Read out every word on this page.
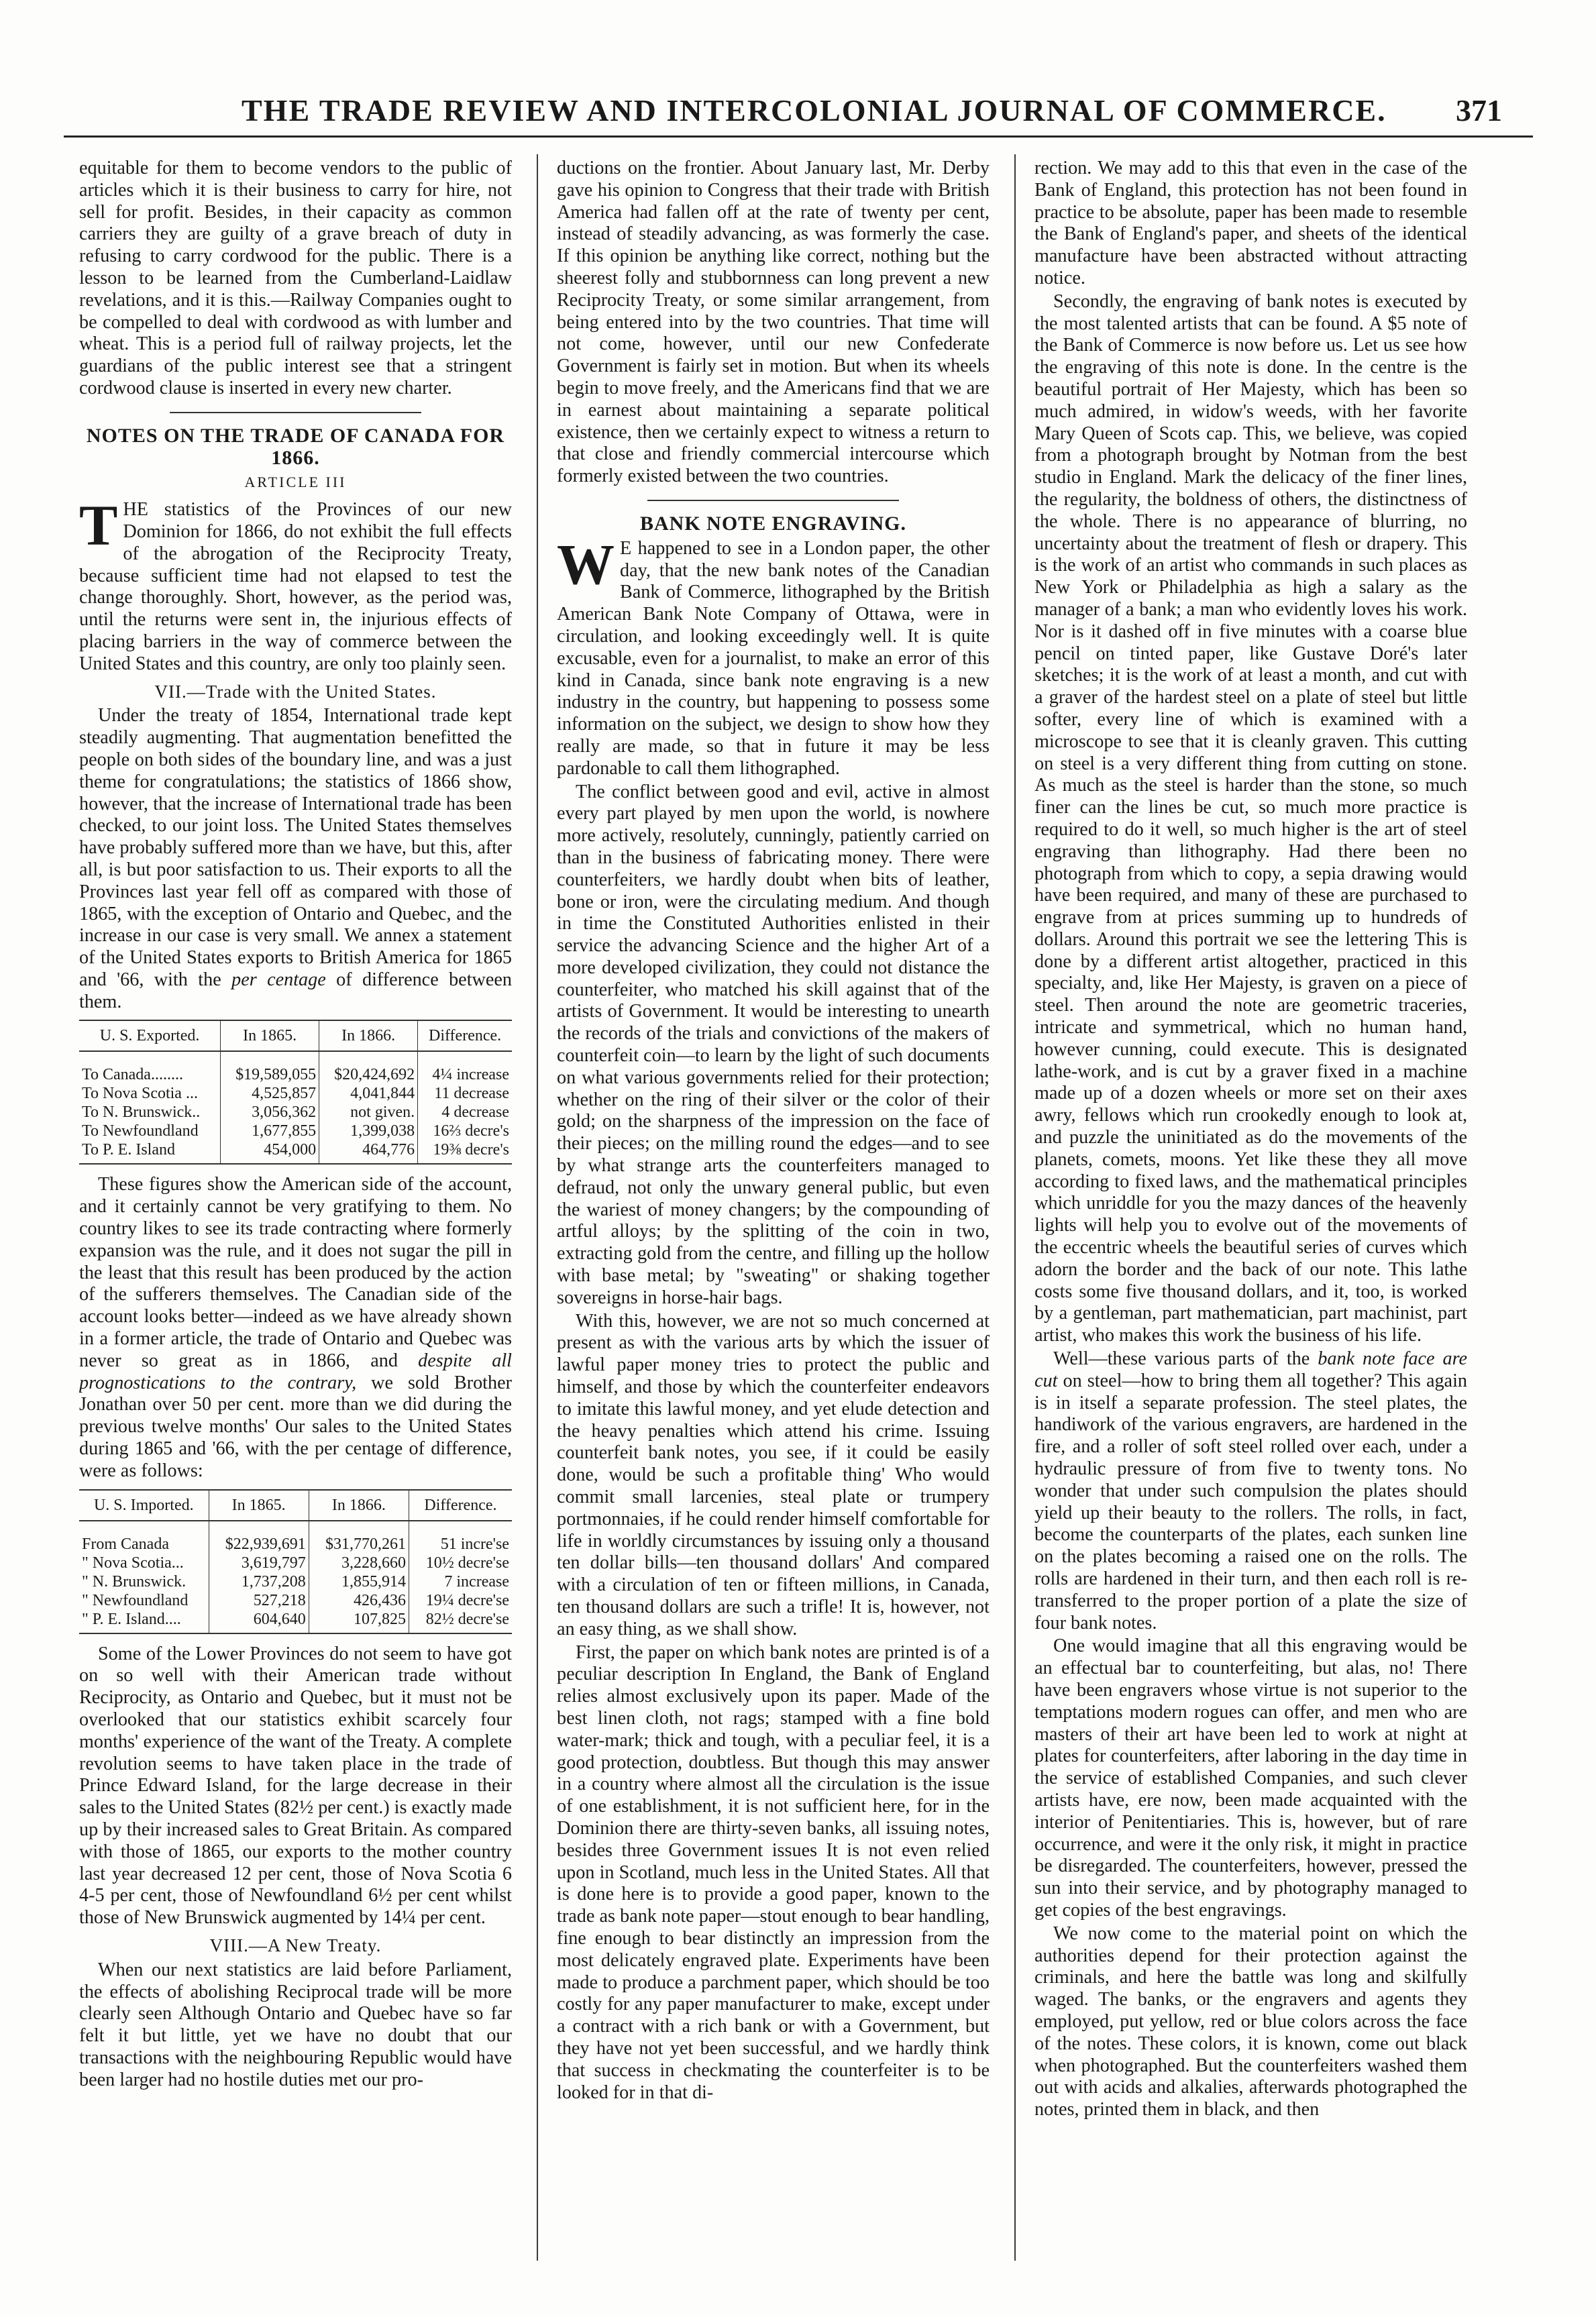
THE TRADE REVIEW AND INTERCOLONIAL JOURNAL OF COMMERCE. 371

equitable for them to become vendors to the public of articles which it is their business to carry for hire, not sell for profit. Besides, in their capacity as common carriers they are guilty of a grave breach of duty in refusing to carry cordwood for the public. There is a lesson to be learned from the Cumberland-Laidlaw revelations, and it is this.—Railway Companies ought to be compelled to deal with cordwood as with lumber and wheat. This is a period full of railway projects, let the guardians of the public interest see that a stringent cordwood clause is inserted in every new charter.

NOTES ON THE TRADE OF CANADA FOR 1866.
ARTICLE III

THE statistics of the Provinces of our new Dominion for 1866, do not exhibit the full effects of the abrogation of the Reciprocity Treaty, because sufficient time had not elapsed to test the change thoroughly. Short, however, as the period was, until the returns were sent in, the injurious effects of placing barriers in the way of commerce between the United States and this country, are only too plainly seen.

VII.—Trade with the United States.

Under the treaty of 1854, International trade kept steadily augmenting. That augmentation benefitted the people on both sides of the boundary line, and was a just theme for congratulations; the statistics of 1866 show, however, that the increase of International trade has been checked, to our joint loss. The United States themselves have probably suffered more than we have, but this, after all, is but poor satisfaction to us. Their exports to all the Provinces last year fell off as compared with those of 1865, with the exception of Ontario and Quebec, and the increase in our case is very small. We annex a statement of the United States exports to British America for 1865 and '66, with the per centage of difference between them.

U. S. Exported.	In 1865.	In 1866.	Difference.

To Canada........	$19,589,055	$20,424,692	4¼ increase
To Nova Scotia ...	4,525,857	4,041,844	11 decrease
To N. Brunswick..	3,056,362	not given.	4 decrease
To Newfoundland	1,677,855	1,399,038	16⅔ decre's
To P. E. Island	454,000	464,776	19⅜ decre's

These figures show the American side of the account, and it certainly cannot be very gratifying to them. No country likes to see its trade contracting where formerly expansion was the rule, and it does not sugar the pill in the least that this result has been produced by the action of the sufferers themselves. The Canadian side of the account looks better—indeed as we have already shown in a former article, the trade of Ontario and Quebec was never so great as in 1866, and despite all prognostications to the contrary, we sold Brother Jonathan over 50 per cent. more than we did during the previous twelve months' Our sales to the United States during 1865 and '66, with the per centage of difference, were as follows:

U. S. Imported.	In 1865.	In 1866.	Difference.

From Canada	$22,939,691	$31,770,261	51 incre'se
" Nova Scotia...	3,619,797	3,228,660	10½ decre'se
" N. Brunswick.	1,737,208	1,855,914	7 increase
" Newfoundland	527,218	426,436	19¼ decre'se
" P. E. Island....	604,640	107,825	82½ decre'se

Some of the Lower Provinces do not seem to have got on so well with their American trade without Reciprocity, as Ontario and Quebec, but it must not be overlooked that our statistics exhibit scarcely four months' experience of the want of the Treaty. A complete revolution seems to have taken place in the trade of Prince Edward Island, for the large decrease in their sales to the United States (82½ per cent.) is exactly made up by their increased sales to Great Britain. As compared with those of 1865, our exports to the mother country last year decreased 12 per cent, those of Nova Scotia 6 4-5 per cent, those of Newfoundland 6½ per cent whilst those of New Brunswick augmented by 14¼ per cent.

VIII.—A New Treaty.

When our next statistics are laid before Parliament, the effects of abolishing Reciprocal trade will be more clearly seen Although Ontario and Quebec have so far felt it but little, yet we have no doubt that our transactions with the neighbouring Republic would have been larger had no hostile duties met our pro-

ductions on the frontier. About January last, Mr. Derby gave his opinion to Congress that their trade with British America had fallen off at the rate of twenty per cent, instead of steadily advancing, as was formerly the case. If this opinion be anything like correct, nothing but the sheerest folly and stubbornness can long prevent a new Reciprocity Treaty, or some similar arrangement, from being entered into by the two countries. That time will not come, however, until our new Confederate Government is fairly set in motion. But when its wheels begin to move freely, and the Americans find that we are in earnest about maintaining a separate political existence, then we certainly expect to witness a return to that close and friendly commercial intercourse which formerly existed between the two countries.

BANK NOTE ENGRAVING.

W E happened to see in a London paper, the other day, that the new bank notes of the Canadian Bank of Commerce, lithographed by the British American Bank Note Company of Ottawa, were in circulation, and looking exceedingly well. It is quite excusable, even for a journalist, to make an error of this kind in Canada, since bank note engraving is a new industry in the country, but happening to possess some information on the subject, we design to show how they really are made, so that in future it may be less pardonable to call them lithographed.

The conflict between good and evil, active in almost every part played by men upon the world, is nowhere more actively, resolutely, cunningly, patiently carried on than in the business of fabricating money. There were counterfeiters, we hardly doubt when bits of leather, bone or iron, were the circulating medium. And though in time the Constituted Authorities enlisted in their service the advancing Science and the higher Art of a more developed civilization, they could not distance the counterfeiter, who matched his skill against that of the artists of Government. It would be interesting to unearth the records of the trials and convictions of the makers of counterfeit coin—to learn by the light of such documents on what various governments relied for their protection; whether on the ring of their silver or the color of their gold; on the sharpness of the impression on the face of their pieces; on the milling round the edges—and to see by what strange arts the counterfeiters managed to defraud, not only the unwary general public, but even the wariest of money changers; by the compounding of artful alloys; by the splitting of the coin in two, extracting gold from the centre, and filling up the hollow with base metal; by "sweating" or shaking together sovereigns in horse-hair bags.

With this, however, we are not so much concerned at present as with the various arts by which the issuer of lawful paper money tries to protect the public and himself, and those by which the counterfeiter endeavors to imitate this lawful money, and yet elude detection and the heavy penalties which attend his crime. Issuing counterfeit bank notes, you see, if it could be easily done, would be such a profitable thing' Who would commit small larcenies, steal plate or trumpery portmonnaies, if he could render himself comfortable for life in worldly circumstances by issuing only a thousand ten dollar bills—ten thousand dollars' And compared with a circulation of ten or fifteen millions, in Canada, ten thousand dollars are such a trifle! It is, however, not an easy thing, as we shall show.

First, the paper on which bank notes are printed is of a peculiar description In England, the Bank of England relies almost exclusively upon its paper. Made of the best linen cloth, not rags; stamped with a fine bold water-mark; thick and tough, with a peculiar feel, it is a good protection, doubtless. But though this may answer in a country where almost all the circulation is the issue of one establishment, it is not sufficient here, for in the Dominion there are thirty-seven banks, all issuing notes, besides three Government issues It is not even relied upon in Scotland, much less in the United States. All that is done here is to provide a good paper, known to the trade as bank note paper—stout enough to bear handling, fine enough to bear distinctly an impression from the most delicately engraved plate. Experiments have been made to produce a parchment paper, which should be too costly for any paper manufacturer to make, except under a contract with a rich bank or with a Government, but they have not yet been successful, and we hardly think that success in checkmating the counterfeiter is to be looked for in that di-

rection. We may add to this that even in the case of the Bank of England, this protection has not been found in practice to be absolute, paper has been made to resemble the Bank of England's paper, and sheets of the identical manufacture have been abstracted without attracting notice.

Secondly, the engraving of bank notes is executed by the most talented artists that can be found. A $5 note of the Bank of Commerce is now before us. Let us see how the engraving of this note is done. In the centre is the beautiful portrait of Her Majesty, which has been so much admired, in widow's weeds, with her favorite Mary Queen of Scots cap. This, we believe, was copied from a photograph brought by Notman from the best studio in England. Mark the delicacy of the finer lines, the regularity, the boldness of others, the distinctness of the whole. There is no appearance of blurring, no uncertainty about the treatment of flesh or drapery. This is the work of an artist who commands in such places as New York or Philadelphia as high a salary as the manager of a bank; a man who evidently loves his work. Nor is it dashed off in five minutes with a coarse blue pencil on tinted paper, like Gustave Doré's later sketches; it is the work of at least a month, and cut with a graver of the hardest steel on a plate of steel but little softer, every line of which is examined with a microscope to see that it is cleanly graven. This cutting on steel is a very different thing from cutting on stone. As much as the steel is harder than the stone, so much finer can the lines be cut, so much more practice is required to do it well, so much higher is the art of steel engraving than lithography. Had there been no photograph from which to copy, a sepia drawing would have been required, and many of these are purchased to engrave from at prices summing up to hundreds of dollars. Around this portrait we see the lettering This is done by a different artist altogether, practiced in this specialty, and, like Her Majesty, is graven on a piece of steel. Then around the note are geometric traceries, intricate and symmetrical, which no human hand, however cunning, could execute. This is designated lathe-work, and is cut by a graver fixed in a machine made up of a dozen wheels or more set on their axes awry, fellows which run crookedly enough to look at, and puzzle the uninitiated as do the movements of the planets, comets, moons. Yet like these they all move according to fixed laws, and the mathematical principles which unriddle for you the mazy dances of the heavenly lights will help you to evolve out of the movements of the eccentric wheels the beautiful series of curves which adorn the border and the back of our note. This lathe costs some five thousand dollars, and it, too, is worked by a gentleman, part mathematician, part machinist, part artist, who makes this work the business of his life.

Well—these various parts of the bank note face are cut on steel—how to bring them all together? This again is in itself a separate profession. The steel plates, the handiwork of the various engravers, are hardened in the fire, and a roller of soft steel rolled over each, under a hydraulic pressure of from five to twenty tons. No wonder that under such compulsion the plates should yield up their beauty to the rollers. The rolls, in fact, become the counterparts of the plates, each sunken line on the plates becoming a raised one on the rolls. The rolls are hardened in their turn, and then each roll is re-transferred to the proper portion of a plate the size of four bank notes.

One would imagine that all this engraving would be an effectual bar to counterfeiting, but alas, no! There have been engravers whose virtue is not superior to the temptations modern rogues can offer, and men who are masters of their art have been led to work at night at plates for counterfeiters, after laboring in the day time in the service of established Companies, and such clever artists have, ere now, been made acquainted with the interior of Penitentiaries. This is, however, but of rare occurrence, and were it the only risk, it might in practice be disregarded. The counterfeiters, however, pressed the sun into their service, and by photography managed to get copies of the best engravings.

We now come to the material point on which the authorities depend for their protection against the criminals, and here the battle was long and skilfully waged. The banks, or the engravers and agents they employed, put yellow, red or blue colors across the face of the notes. These colors, it is known, come out black when photographed. But the counterfeiters washed them out with acids and alkalies, afterwards photographed the notes, printed them in black, and then
